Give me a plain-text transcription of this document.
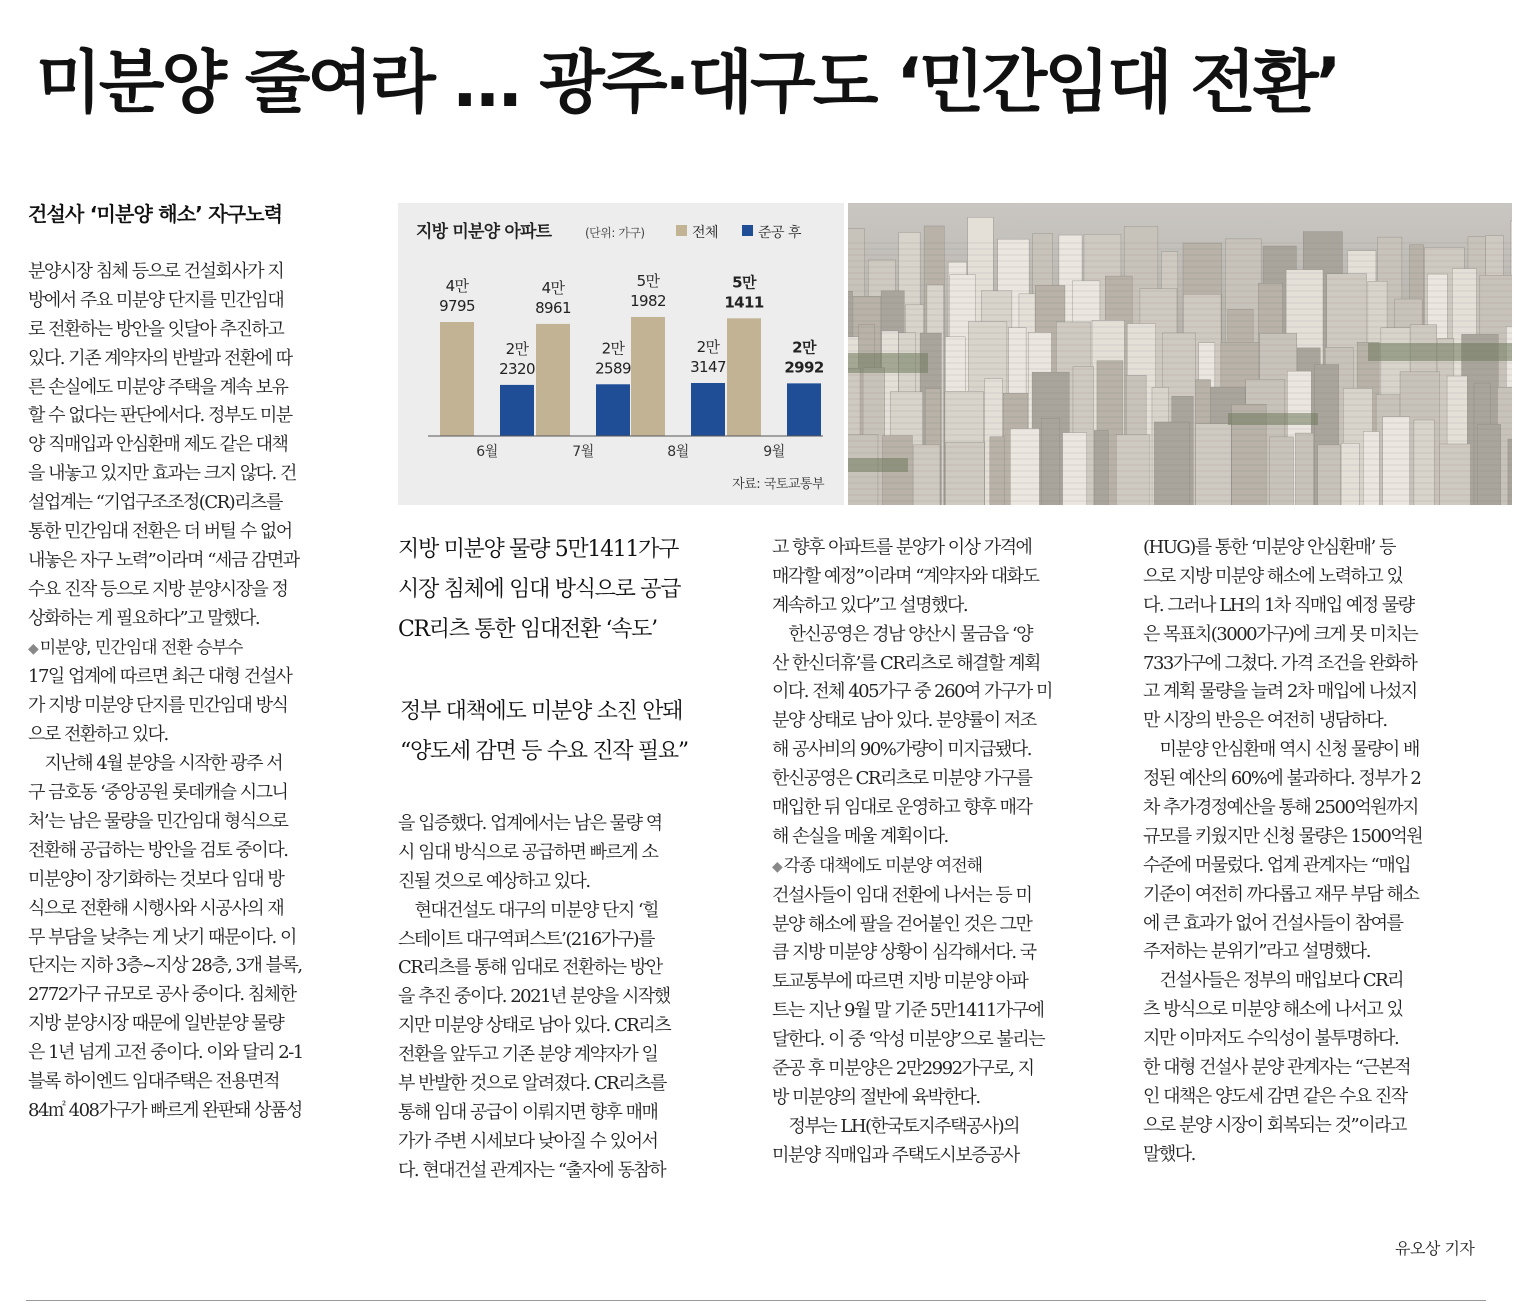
미분양 줄여라 … 광주·대구도 ‘민간임대 전환’
건설사 ‘미분양 해소’ 자구노력
분양시장 침체 등으로 건설회사가 지
방에서 주요 미분양 단지를 민간임대
로 전환하는 방안을 잇달아 추진하고
있다. 기존 계약자의 반발과 전환에 따
른 손실에도 미분양 주택을 계속 보유
할 수 없다는 판단에서다. 정부도 미분
양 직매입과 안심환매 제도 같은 대책
을 내놓고 있지만 효과는 크지 않다. 건
설업계는 “기업구조조정(CR)리츠를
통한 민간임대 전환은 더 버틸 수 없어
내놓은 자구 노력”이라며 “세금 감면과
수요 진작 등으로 지방 분양시장을 정
상화하는 게 필요하다”고 말했다.
◆ 미분양, 민간임대 전환 승부수
17일 업계에 따르면 최근 대형 건설사
가 지방 미분양 단지를 민간임대 방식
으로 전환하고 있다.
　지난해 4월 분양을 시작한 광주 서
구 금호동 ‘중앙공원 롯데캐슬 시그니
처’는 남은 물량을 민간임대 형식으로
전환해 공급하는 방안을 검토 중이다.
미분양이 장기화하는 것보다 임대 방
식으로 전환해 시행사와 시공사의 재
무 부담을 낮추는 게 낫기 때문이다. 이
단지는 지하 3층~지상 28층, 3개 블록,
2772가구 규모로 공사 중이다. 침체한
지방 분양시장 때문에 일반분양 물량
은 1년 넘게 고전 중이다. 이와 달리 2-1
블록 하이엔드 임대주택은 전용면적
84㎡ 408가구가 빠르게 완판돼 상품성
지방 미분양 아파트	(단위: 가구)	전체	준공 후
4만
9795
2만
2320
6월
4만
8961
2만
2589
7월
5만
1982
2만
3147
8월
5만
1411
2만
2992
9월
자료: 국토교통부
지방 미분양 물량 5만1411가구
시장 침체에 임대 방식으로 공급
CR리츠 통한 임대전환 ‘속도’
정부 대책에도 미분양 소진 안돼
“양도세 감면 등 수요 진작 필요”
을 입증했다. 업계에서는 남은 물량 역
시 임대 방식으로 공급하면 빠르게 소
진될 것으로 예상하고 있다.
　현대건설도 대구의 미분양 단지 ‘힐
스테이트 대구역퍼스트’(216가구)를
CR리츠를 통해 임대로 전환하는 방안
을 추진 중이다. 2021년 분양을 시작했
지만 미분양 상태로 남아 있다. CR리츠
전환을 앞두고 기존 분양 계약자가 일
부 반발한 것으로 알려졌다. CR리츠를
통해 임대 공급이 이뤄지면 향후 매매
가가 주변 시세보다 낮아질 수 있어서
다. 현대건설 관계자는 “출자에 동참하
고 향후 아파트를 분양가 이상 가격에
매각할 예정”이라며 “계약자와 대화도
계속하고 있다”고 설명했다.
　한신공영은 경남 양산시 물금읍 ‘양
산 한신더휴’를 CR리츠로 해결할 계획
이다. 전체 405가구 중 260여 가구가 미
분양 상태로 남아 있다. 분양률이 저조
해 공사비의 90%가량이 미지급됐다.
한신공영은 CR리츠로 미분양 가구를
매입한 뒤 임대로 운영하고 향후 매각
해 손실을 메울 계획이다.
◆ 각종 대책에도 미분양 여전해
건설사들이 임대 전환에 나서는 등 미
분양 해소에 팔을 걷어붙인 것은 그만
큼 지방 미분양 상황이 심각해서다. 국
토교통부에 따르면 지방 미분양 아파
트는 지난 9월 말 기준 5만1411가구에
달한다. 이 중 ‘악성 미분양’으로 불리는
준공 후 미분양은 2만2992가구로, 지
방 미분양의 절반에 육박한다.
　정부는 LH(한국토지주택공사)의
미분양 직매입과 주택도시보증공사
(HUG)를 통한 ‘미분양 안심환매’ 등
으로 지방 미분양 해소에 노력하고 있
다. 그러나 LH의 1차 직매입 예정 물량
은 목표치(3000가구)에 크게 못 미치는
733가구에 그쳤다. 가격 조건을 완화하
고 계획 물량을 늘려 2차 매입에 나섰지
만 시장의 반응은 여전히 냉담하다.
　미분양 안심환매 역시 신청 물량이 배
정된 예산의 60%에 불과하다. 정부가 2
차 추가경정예산을 통해 2500억원까지
규모를 키웠지만 신청 물량은 1500억원
수준에 머물렀다. 업계 관계자는 “매입
기준이 여전히 까다롭고 재무 부담 해소
에 큰 효과가 없어 건설사들이 참여를
주저하는 분위기”라고 설명했다.
　건설사들은 정부의 매입보다 CR리
츠 방식으로 미분양 해소에 나서고 있
지만 이마저도 수익성이 불투명하다.
한 대형 건설사 분양 관계자는 “근본적
인 대책은 양도세 감면 같은 수요 진작
으로 분양 시장이 회복되는 것”이라고
말했다.
유오상 기자
